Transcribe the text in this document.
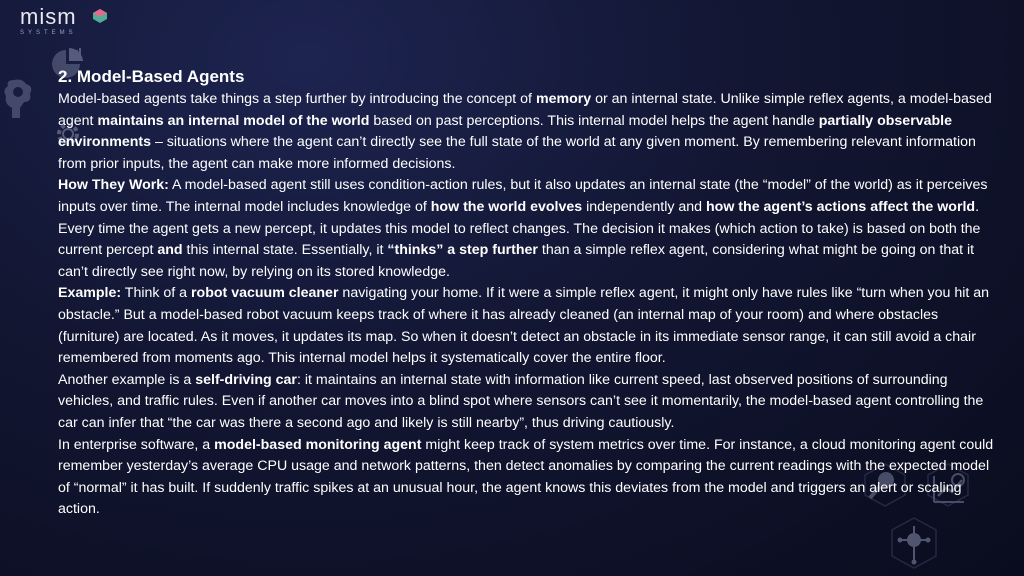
mism
SYSTEMS
2. Model-Based Agents

Model-based agents take things a step further by introducing the concept of memory or an internal state. Unlike simple reflex agents, a model-based agent maintains an internal model of the world based on past perceptions. This internal model helps the agent handle partially observable environments – situations where the agent can’t directly see the full state of the world at any given moment. By remembering relevant information from prior inputs, the agent can make more informed decisions.

How They Work: A model-based agent still uses condition-action rules, but it also updates an internal state (the “model” of the world) as it perceives inputs over time. The internal model includes knowledge of how the world evolves independently and how the agent’s actions affect the world. Every time the agent gets a new percept, it updates this model to reflect changes. The decision it makes (which action to take) is based on both the current percept and this internal state. Essentially, it “thinks” a step further than a simple reflex agent, considering what might be going on that it can’t directly see right now, by relying on its stored knowledge.

Example: Think of a robot vacuum cleaner navigating your home. If it were a simple reflex agent, it might only have rules like “turn when you hit an obstacle.” But a model-based robot vacuum keeps track of where it has already cleaned (an internal map of your room) and where obstacles (furniture) are located. As it moves, it updates its map. So when it doesn’t detect an obstacle in its immediate sensor range, it can still avoid a chair remembered from moments ago. This internal model helps it systematically cover the entire floor.

Another example is a self-driving car: it maintains an internal state with information like current speed, last observed positions of surrounding vehicles, and traffic rules. Even if another car moves into a blind spot where sensors can’t see it momentarily, the model-based agent controlling the car can infer that “the car was there a second ago and likely is still nearby”, thus driving cautiously.

In enterprise software, a model-based monitoring agent might keep track of system metrics over time. For instance, a cloud monitoring agent could remember yesterday’s average CPU usage and network patterns, then detect anomalies by comparing the current readings with the expected model of “normal” it has built. If suddenly traffic spikes at an unusual hour, the agent knows this deviates from the model and triggers an alert or scaling action.
